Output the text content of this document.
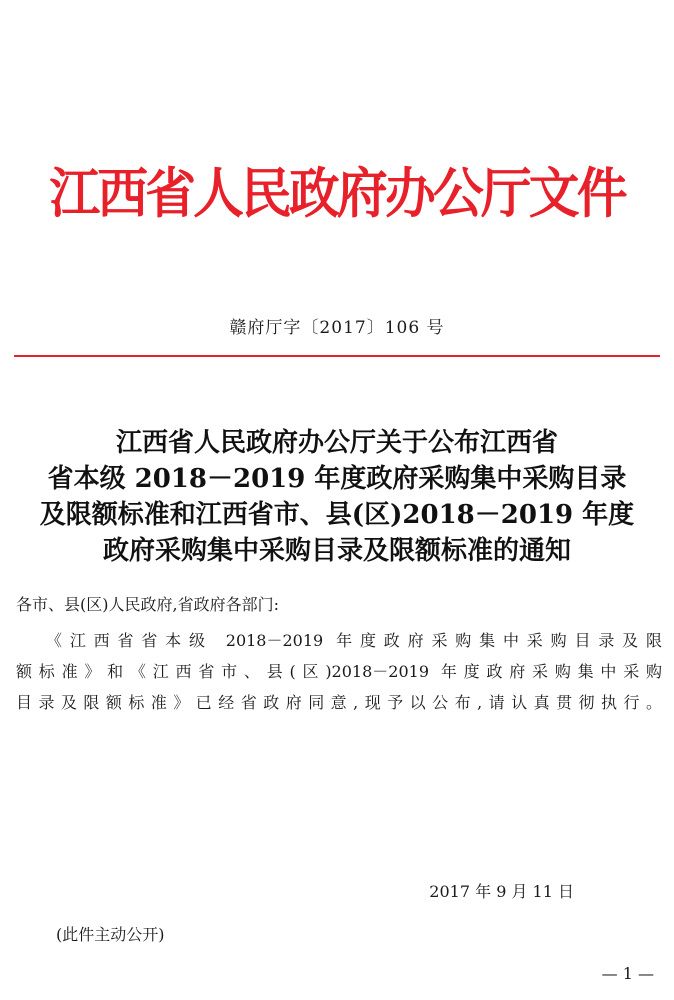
江西省人民政府办公厅文件
赣府厅字〔2017〕106 号
江西省人民政府办公厅关于公布江西省
省本级 2018－2019 年度政府采购集中采购目录
及限额标准和江西省市、县(区)2018－2019 年度
政府采购集中采购目录及限额标准的通知
各市、县(区)人民政府,省政府各部门:
《江西省省本级 2018－2019 年度政府采购集中采购目录及限
额标准》和《江西省市、县(区)2018－2019 年度政府采购集中采购
目录及限额标准》已经省政府同意,现予以公布,请认真贯彻执行。
2017 年 9 月 11 日
(此件主动公开)
— 1 —
